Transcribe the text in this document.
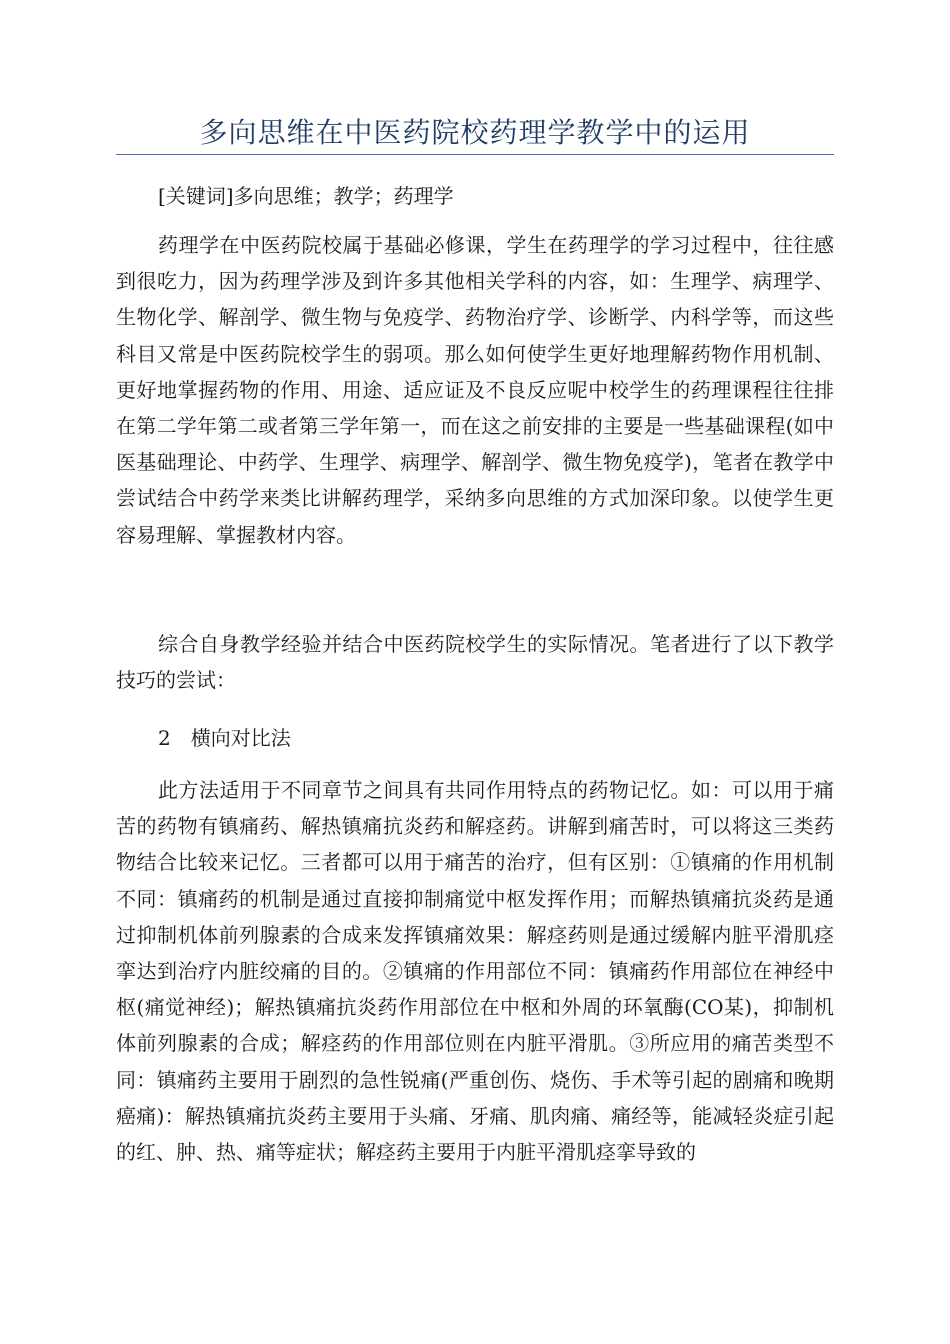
多向思维在中医药院校药理学教学中的运用

[关键词]多向思维；教学；药理学

药理学在中医药院校属于基础必修课，学生在药理学的学习过程中，往往感到很吃力，因为药理学涉及到许多其他相关学科的内容，如：生理学、病理学、生物化学、解剖学、微生物与免疫学、药物治疗学、诊断学、内科学等，而这些科目又常是中医药院校学生的弱项。那么如何使学生更好地理解药物作用机制、更好地掌握药物的作用、用途、适应证及不良反应呢中校学生的药理课程往往排在第二学年第二或者第三学年第一，而在这之前安排的主要是一些基础课程(如中医基础理论、中药学、生理学、病理学、解剖学、微生物免疫学)，笔者在教学中尝试结合中药学来类比讲解药理学，采纳多向思维的方式加深印象。以使学生更容易理解、掌握教材内容。

综合自身教学经验并结合中医药院校学生的实际情况。笔者进行了以下教学技巧的尝试：

2　横向对比法

此方法适用于不同章节之间具有共同作用特点的药物记忆。如：可以用于痛苦的药物有镇痛药、解热镇痛抗炎药和解痉药。讲解到痛苦时，可以将这三类药物结合比较来记忆。三者都可以用于痛苦的治疗，但有区别：①镇痛的作用机制不同：镇痛药的机制是通过直接抑制痛觉中枢发挥作用；而解热镇痛抗炎药是通过抑制机体前列腺素的合成来发挥镇痛效果：解痉药则是通过缓解内脏平滑肌痉挛达到治疗内脏绞痛的目的。②镇痛的作用部位不同：镇痛药作用部位在神经中枢(痛觉神经)；解热镇痛抗炎药作用部位在中枢和外周的环氧酶(CO某)，抑制机体前列腺素的合成；解痉药的作用部位则在内脏平滑肌。③所应用的痛苦类型不同：镇痛药主要用于剧烈的急性锐痛(严重创伤、烧伤、手术等引起的剧痛和晚期癌痛)：解热镇痛抗炎药主要用于头痛、牙痛、肌肉痛、痛经等，能减轻炎症引起的红、肿、热、痛等症状；解痉药主要用于内脏平滑肌痉挛导致的
